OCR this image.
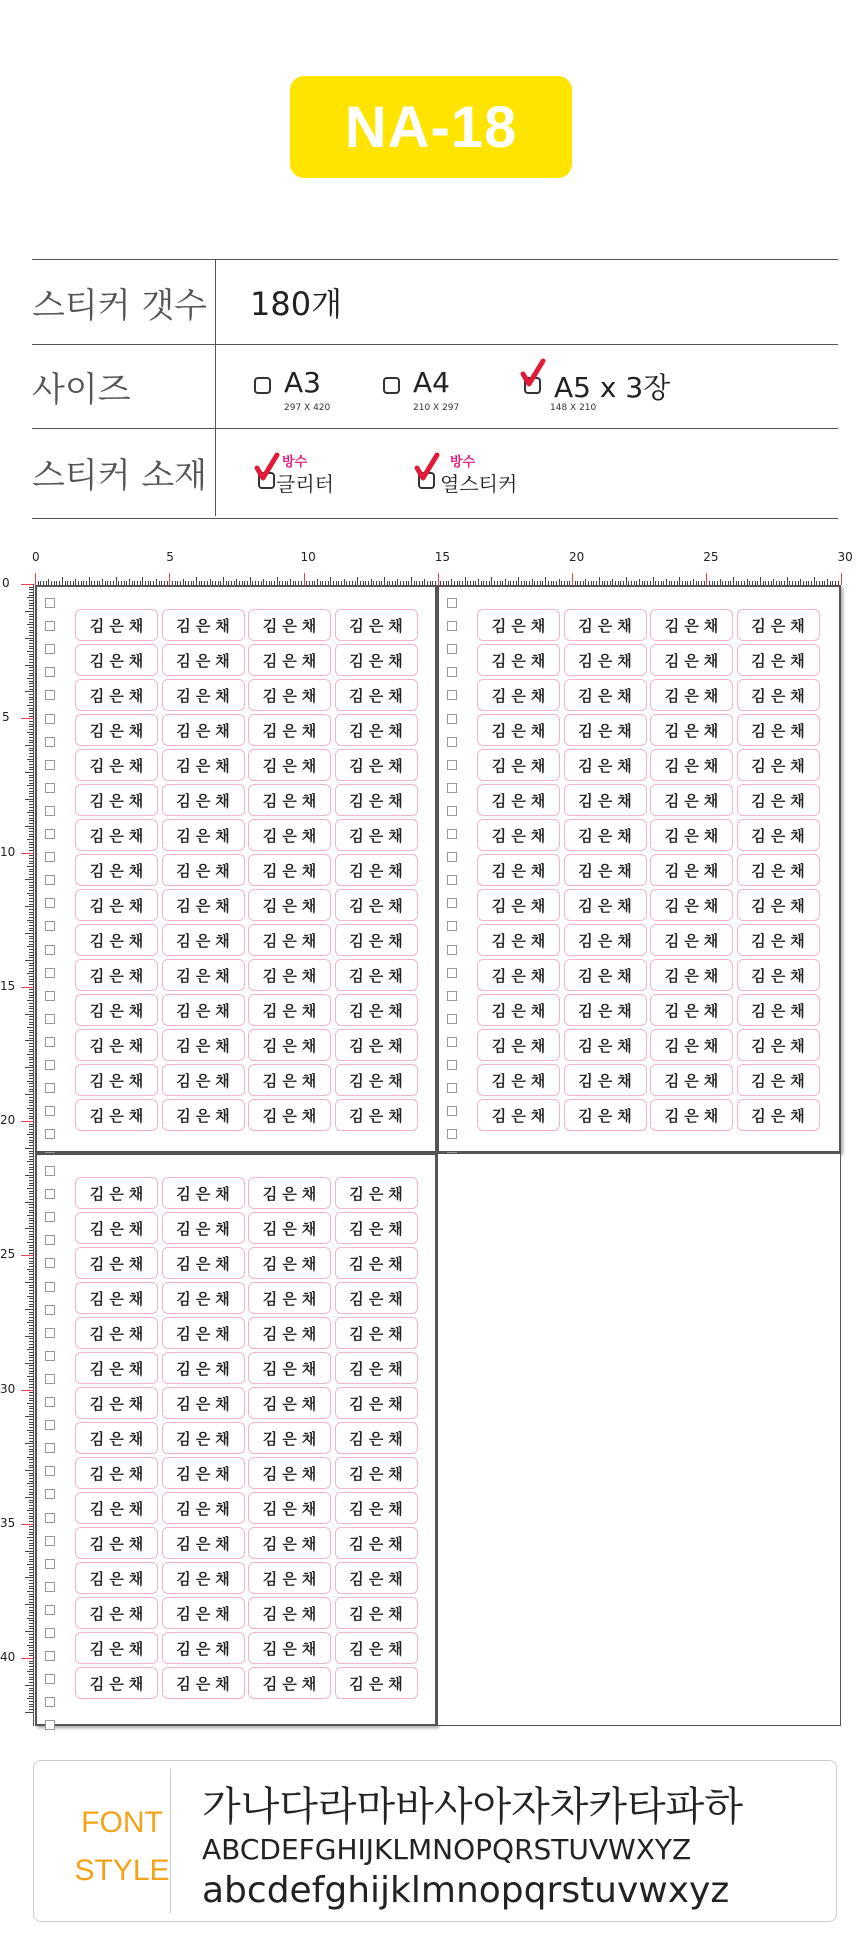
NA-18
스티커 갯수 180개
사이즈	A3
297 X 420
A4
210 X 297
A5 x 3장
148 X 210
스티커 소재	방수
글리터
방수
열스티커
0	5	10	15	20	25	30
0
5
10
15
20
25
30
35
40
김은채	김은채	김은채	김은채
김은채	김은채	김은채	김은채
김은채	김은채	김은채	김은채
김은채	김은채	김은채	김은채
김은채	김은채	김은채	김은채
김은채	김은채	김은채	김은채
김은채	김은채	김은채	김은채
김은채	김은채	김은채	김은채
김은채	김은채	김은채	김은채
김은채	김은채	김은채	김은채
김은채	김은채	김은채	김은채
김은채	김은채	김은채	김은채
김은채	김은채	김은채	김은채
김은채	김은채	김은채	김은채
김은채	김은채	김은채	김은채
김은채	김은채	김은채	김은채
김은채	김은채	김은채	김은채
김은채	김은채	김은채	김은채
김은채	김은채	김은채	김은채
김은채	김은채	김은채	김은채
김은채	김은채	김은채	김은채
김은채	김은채	김은채	김은채
김은채	김은채	김은채	김은채
김은채	김은채	김은채	김은채
김은채	김은채	김은채	김은채
김은채	김은채	김은채	김은채
김은채	김은채	김은채	김은채
김은채	김은채	김은채	김은채
김은채	김은채	김은채	김은채
김은채	김은채	김은채	김은채
김은채	김은채	김은채	김은채
김은채	김은채	김은채	김은채
김은채	김은채	김은채	김은채
김은채	김은채	김은채	김은채
김은채	김은채	김은채	김은채
김은채	김은채	김은채	김은채
김은채	김은채	김은채	김은채
김은채	김은채	김은채	김은채
김은채	김은채	김은채	김은채
김은채	김은채	김은채	김은채
김은채	김은채	김은채	김은채
김은채	김은채	김은채	김은채
김은채	김은채	김은채	김은채
김은채	김은채	김은채	김은채
김은채	김은채	김은채	김은채
FONT
STYLE
가나다라마바사아자차카타파하
ABCDEFGHIJKLMNOPQRSTUVWXYZ
abcdefghijklmnopqrstuvwxyz
